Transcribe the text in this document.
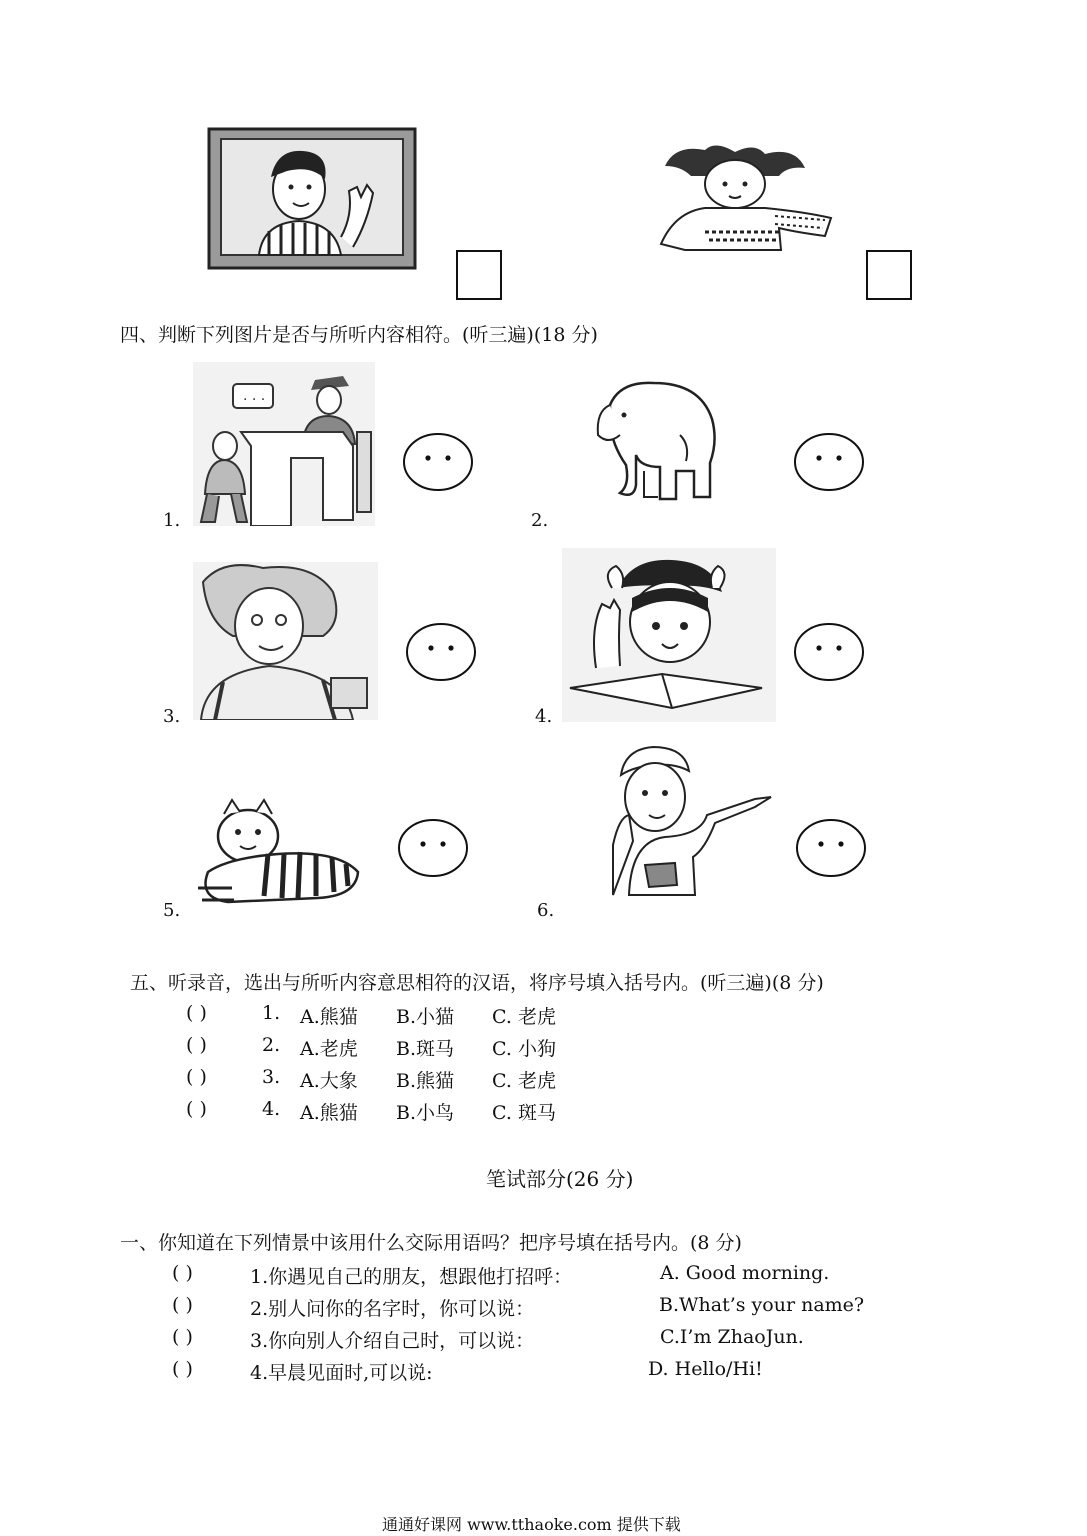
四、判断下列图片是否与所听内容相符。(听三遍)(18 分)
1.
. . .
2.
3.	4.
5.	6.
五、听录音，选出与所听内容意思相符的汉语，将序号填入括号内。(听三遍)(8 分)
( )	1. A.熊猫 B.小猫 C. 老虎
( )	2. A.老虎 B.斑马 C. 小狗
( )	3. A.大象 B.熊猫 C. 老虎
( )	4. A.熊猫 B.小鸟 C. 斑马
笔试部分(26 分)
一、你知道在下列情景中该用什么交际用语吗？把序号填在括号内。(8 分)
( )	1.你遇见自己的朋友，想跟他打招呼：	A. Good morning.
( )	2.别人问你的名字时，你可以说：	B.What’s your name?
( )	3.你向别人介绍自己时，可以说：	C.I’m ZhaoJun.
( )	4.早晨见面时,可以说:	D. Hello/Hi!
通通好课网 www.tthaoke.com 提供下载
